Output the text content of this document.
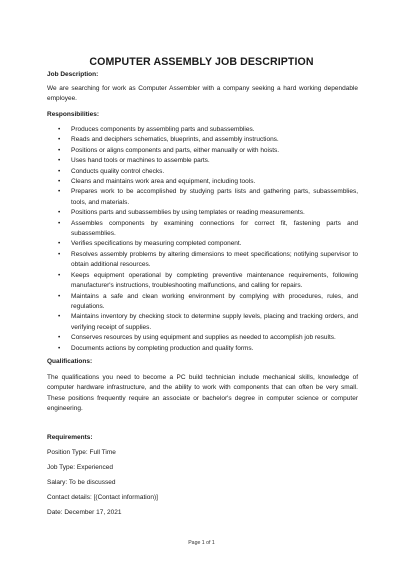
COMPUTER ASSEMBLY JOB DESCRIPTION
Job Description:
We are searching for work as Computer Assembler with a company seeking a hard working dependable employee.
Responsibilities:
• Produces components by assembling parts and subassemblies.
• Reads and deciphers schematics, blueprints, and assembly instructions.
• Positions or aligns components and parts, either manually or with hoists.
• Uses hand tools or machines to assemble parts.
• Conducts quality control checks.
• Cleans and maintains work area and equipment, including tools.
• Prepares work to be accomplished by studying parts lists and gathering parts, subassemblies, tools, and materials.
• Positions parts and subassemblies by using templates or reading measurements.
• Assembles components by examining connections for correct fit, fastening parts and subassemblies.
• Verifies specifications by measuring completed component.
• Resolves assembly problems by altering dimensions to meet specifications; notifying supervisor to obtain additional resources.
• Keeps equipment operational by completing preventive maintenance requirements, following manufacturer's instructions, troubleshooting malfunctions, and calling for repairs.
• Maintains a safe and clean working environment by complying with procedures, rules, and regulations.
• Maintains inventory by checking stock to determine supply levels, placing and tracking orders, and verifying receipt of supplies.
• Conserves resources by using equipment and supplies as needed to accomplish job results.
• Documents actions by completing production and quality forms.
Qualifications:
The qualifications you need to become a PC build technician include mechanical skills, knowledge of computer hardware infrastructure, and the ability to work with components that can often be very small. These positions frequently require an associate or bachelor's degree in computer science or computer engineering.
Requirements:
Position Type: Full Time
Job Type: Experienced
Salary: To be discussed
Contact details: [(Contact information)]
Date: December 17, 2021
Page 1 of 1
